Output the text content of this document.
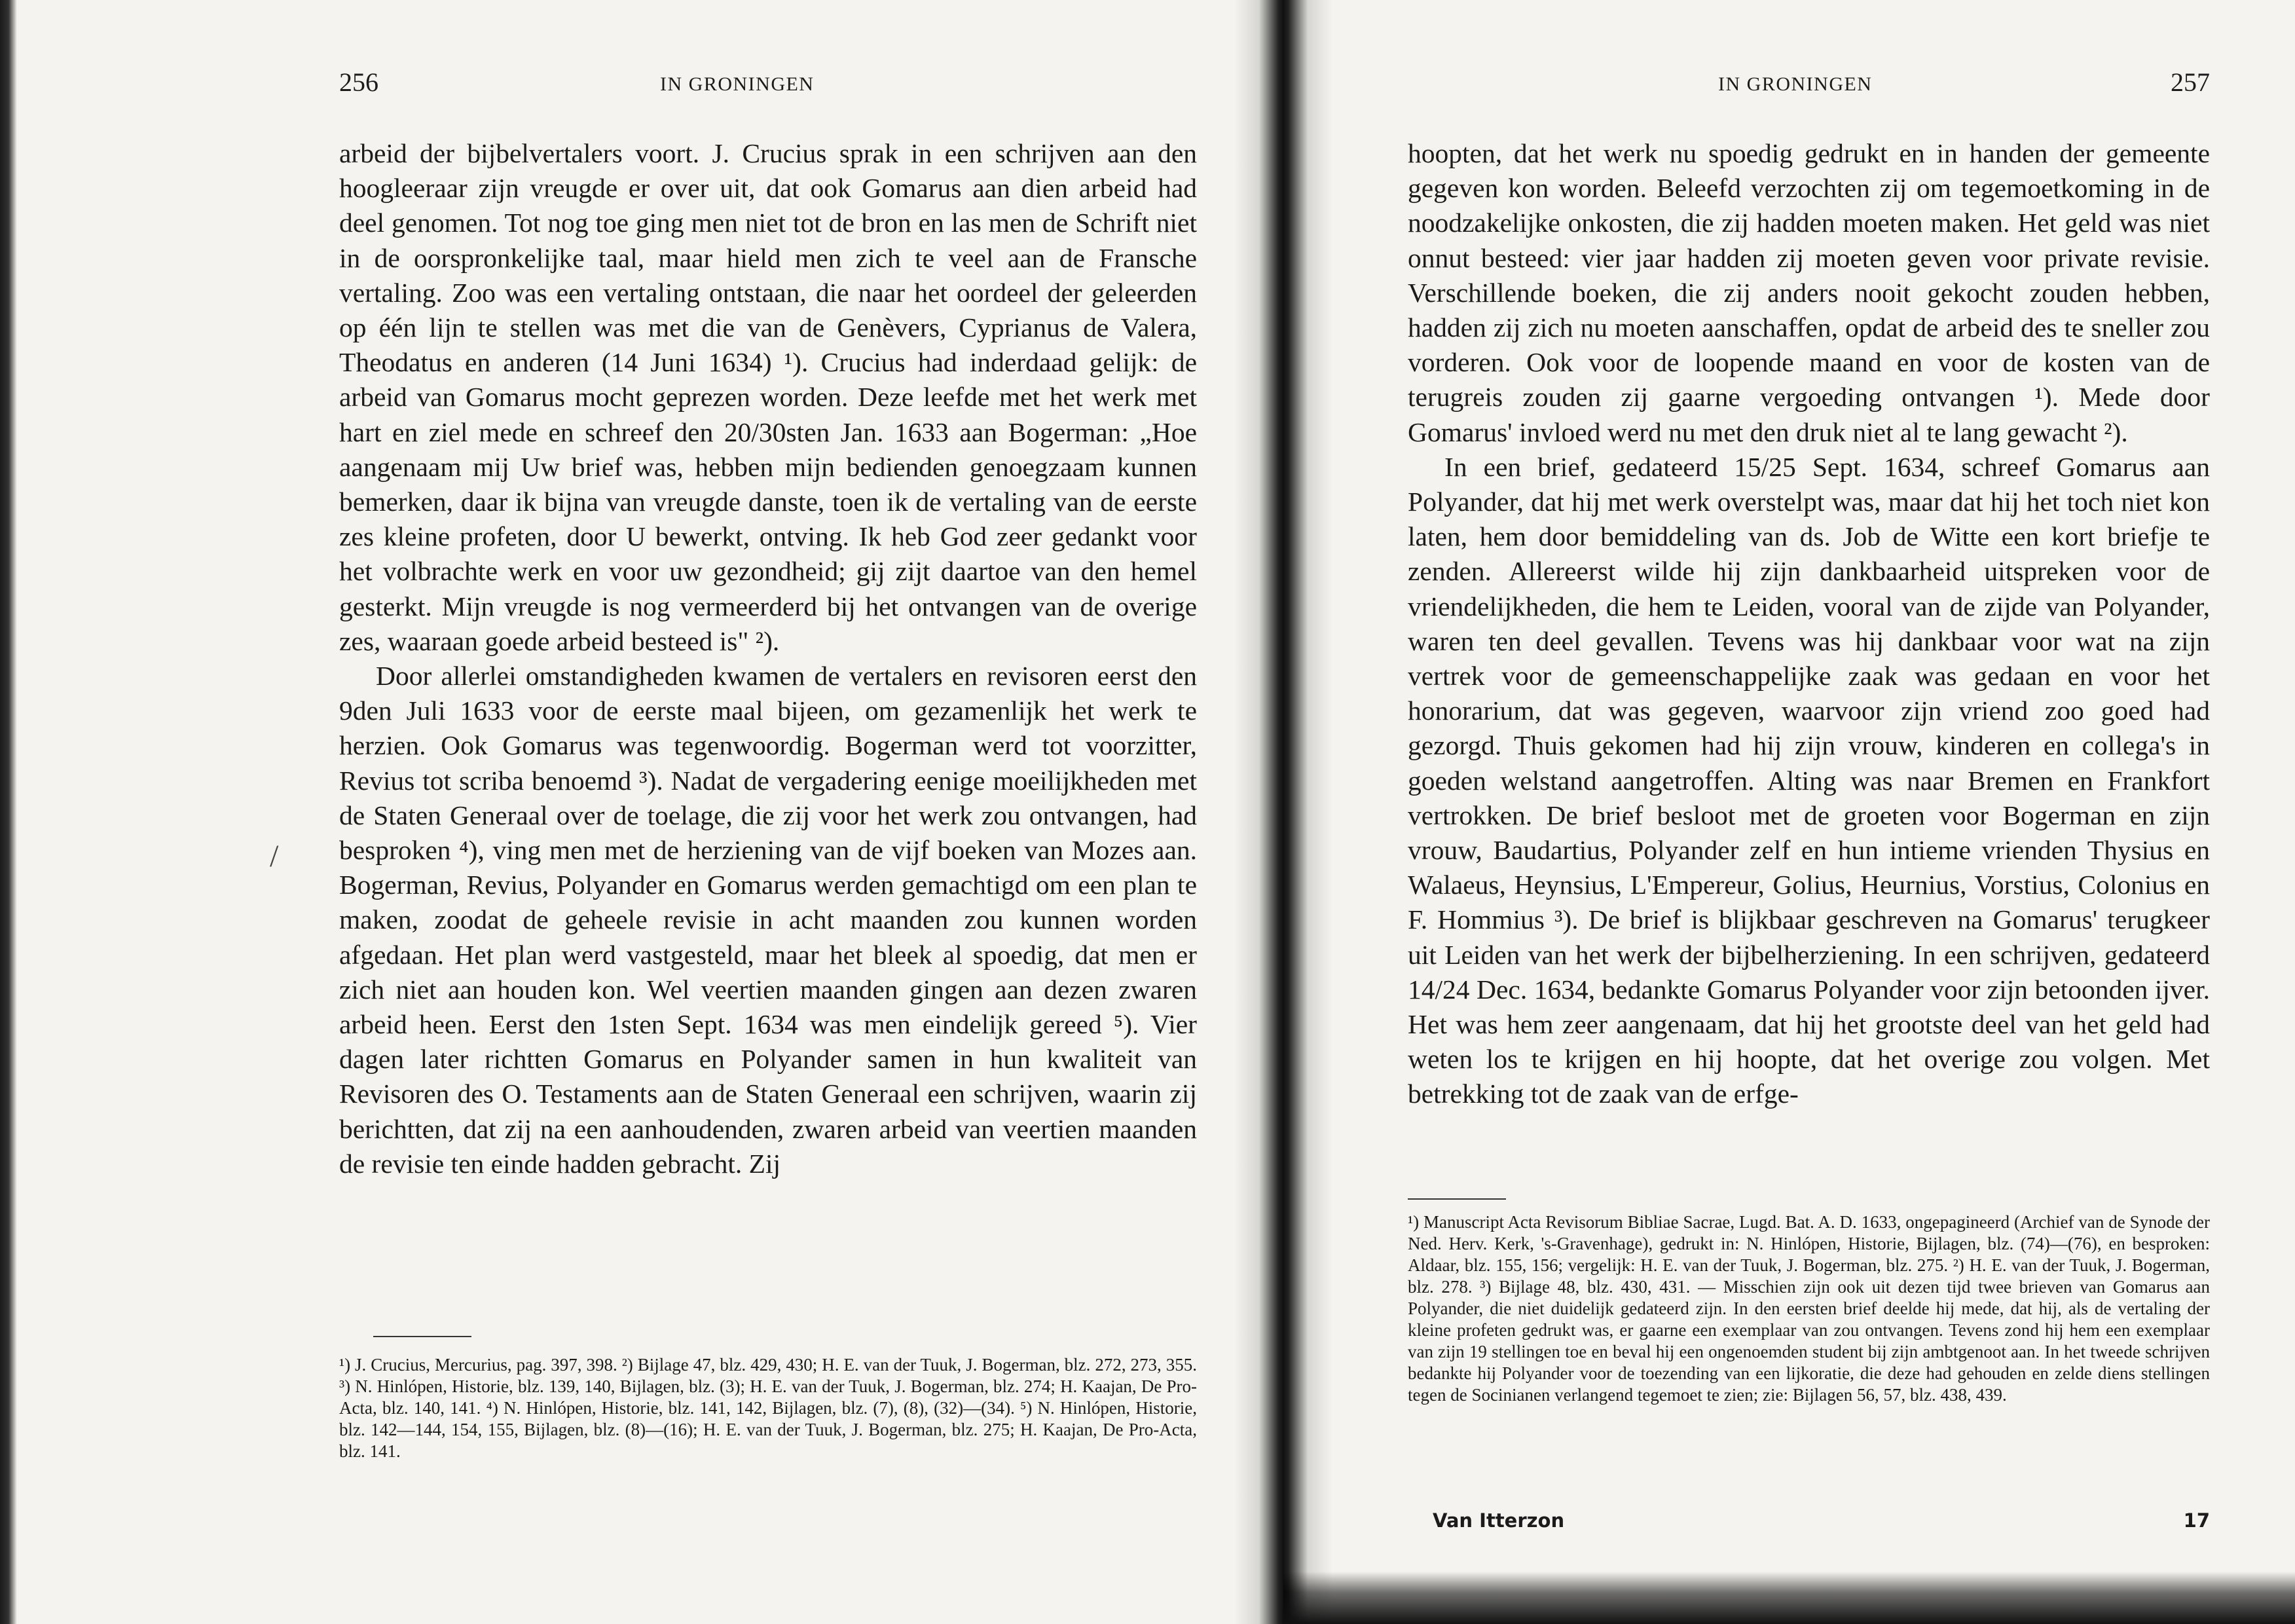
256	IN GRONINGEN

arbeid der bijbelvertalers voort. J. Crucius sprak in een schrijven aan den hoogleeraar zijn vreugde er over uit, dat ook Gomarus aan dien arbeid had deel genomen. Tot nog toe ging men niet tot de bron en las men de Schrift niet in de oorspronkelijke taal, maar hield men zich te veel aan de Fransche vertaling. Zoo was een vertaling ontstaan, die naar het oordeel der geleerden op één lijn te stellen was met die van de Genèvers, Cyprianus de Valera, Theodatus en anderen (14 Juni 1634) ¹). Crucius had inderdaad gelijk: de arbeid van Gomarus mocht geprezen worden. Deze leefde met het werk met hart en ziel mede en schreef den 20/30sten Jan. 1633 aan Bogerman: „Hoe aangenaam mij Uw brief was, hebben mijn bedienden genoegzaam kunnen bemerken, daar ik bijna van vreugde danste, toen ik de vertaling van de eerste zes kleine profeten, door U bewerkt, ontving. Ik heb God zeer gedankt voor het volbrachte werk en voor uw gezondheid; gij zijt daartoe van den hemel gesterkt. Mijn vreugde is nog vermeerderd bij het ontvangen van de overige zes, waaraan goede arbeid besteed is" ²).

Door allerlei omstandigheden kwamen de vertalers en revisoren eerst den 9den Juli 1633 voor de eerste maal bijeen, om gezamenlijk het werk te herzien. Ook Gomarus was tegenwoordig. Bogerman werd tot voorzitter, Revius tot scriba benoemd ³). Nadat de vergadering eenige moeilijkheden met de Staten Generaal over de toelage, die zij voor het werk zou ontvangen, had besproken ⁴), ving men met de herziening van de vijf boeken van Mozes aan. Bogerman, Revius, Polyander en Gomarus werden gemachtigd om een plan te maken, zoodat de geheele revisie in acht maanden zou kunnen worden afgedaan. Het plan werd vastgesteld, maar het bleek al spoedig, dat men er zich niet aan houden kon. Wel veertien maanden gingen aan dezen zwaren arbeid heen. Eerst den 1sten Sept. 1634 was men eindelijk gereed ⁵). Vier dagen later richtten Gomarus en Polyander samen in hun kwaliteit van Revisoren des O. Testaments aan de Staten Generaal een schrijven, waarin zij berichtten, dat zij na een aanhoudenden, zwaren arbeid van veertien maanden de revisie ten einde hadden gebracht. Zij

¹) J. Crucius, Mercurius, pag. 397, 398. ²) Bijlage 47, blz. 429, 430; H. E. van der Tuuk, J. Bogerman, blz. 272, 273, 355. ³) N. Hinlópen, Historie, blz. 139, 140, Bijlagen, blz. (3); H. E. van der Tuuk, J. Bogerman, blz. 274; H. Kaajan, De Pro-Acta, blz. 140, 141. ⁴) N. Hinlópen, Historie, blz. 141, 142, Bijlagen, blz. (7), (8), (32)—(34). ⁵) N. Hinlópen, Historie, blz. 142—144, 154, 155, Bijlagen, blz. (8)—(16); H. E. van der Tuuk, J. Bogerman, blz. 275; H. Kaajan, De Pro-Acta, blz. 141.
/
IN GRONINGEN	257

hoopten, dat het werk nu spoedig gedrukt en in handen der gemeente gegeven kon worden. Beleefd verzochten zij om tegemoetkoming in de noodzakelijke onkosten, die zij hadden moeten maken. Het geld was niet onnut besteed: vier jaar hadden zij moeten geven voor private revisie. Verschillende boeken, die zij anders nooit gekocht zouden hebben, hadden zij zich nu moeten aanschaffen, opdat de arbeid des te sneller zou vorderen. Ook voor de loopende maand en voor de kosten van de terugreis zouden zij gaarne vergoeding ontvangen ¹). Mede door Gomarus' invloed werd nu met den druk niet al te lang gewacht ²).

In een brief, gedateerd 15/25 Sept. 1634, schreef Gomarus aan Polyander, dat hij met werk overstelpt was, maar dat hij het toch niet kon laten, hem door bemiddeling van ds. Job de Witte een kort briefje te zenden. Allereerst wilde hij zijn dankbaarheid uitspreken voor de vriendelijkheden, die hem te Leiden, vooral van de zijde van Polyander, waren ten deel gevallen. Tevens was hij dankbaar voor wat na zijn vertrek voor de gemeenschappelijke zaak was gedaan en voor het honorarium, dat was gegeven, waarvoor zijn vriend zoo goed had gezorgd. Thuis gekomen had hij zijn vrouw, kinderen en collega's in goeden welstand aangetroffen. Alting was naar Bremen en Frankfort vertrokken. De brief besloot met de groeten voor Bogerman en zijn vrouw, Baudartius, Polyander zelf en hun intieme vrienden Thysius en Walaeus, Heynsius, L'Empereur, Golius, Heurnius, Vorstius, Colonius en F. Hommius ³). De brief is blijkbaar geschreven na Gomarus' terugkeer uit Leiden van het werk der bijbelherziening. In een schrijven, gedateerd 14/24 Dec. 1634, bedankte Gomarus Polyander voor zijn betoonden ijver. Het was hem zeer aangenaam, dat hij het grootste deel van het geld had weten los te krijgen en hij hoopte, dat het overige zou volgen. Met betrekking tot de zaak van de erfge-

¹) Manuscript Acta Revisorum Bibliae Sacrae, Lugd. Bat. A. D. 1633, ongepagineerd (Archief van de Synode der Ned. Herv. Kerk, 's-Gravenhage), gedrukt in: N. Hinlópen, Historie, Bijlagen, blz. (74)—(76), en besproken: Aldaar, blz. 155, 156; vergelijk: H. E. van der Tuuk, J. Bogerman, blz. 275. ²) H. E. van der Tuuk, J. Bogerman, blz. 278. ³) Bijlage 48, blz. 430, 431. — Misschien zijn ook uit dezen tijd twee brieven van Gomarus aan Polyander, die niet duidelijk gedateerd zijn. In den eersten brief deelde hij mede, dat hij, als de vertaling der kleine profeten gedrukt was, er gaarne een exemplaar van zou ontvangen. Tevens zond hij hem een exemplaar van zijn 19 stellingen toe en beval hij een ongenoemden student bij zijn ambtgenoot aan. In het tweede schrijven bedankte hij Polyander voor de toezending van een lijkoratie, die deze had gehouden en zelde diens stellingen tegen de Socinianen verlangend tegemoet te zien; zie: Bijlagen 56, 57, blz. 438, 439.
Van Itterzon	17
